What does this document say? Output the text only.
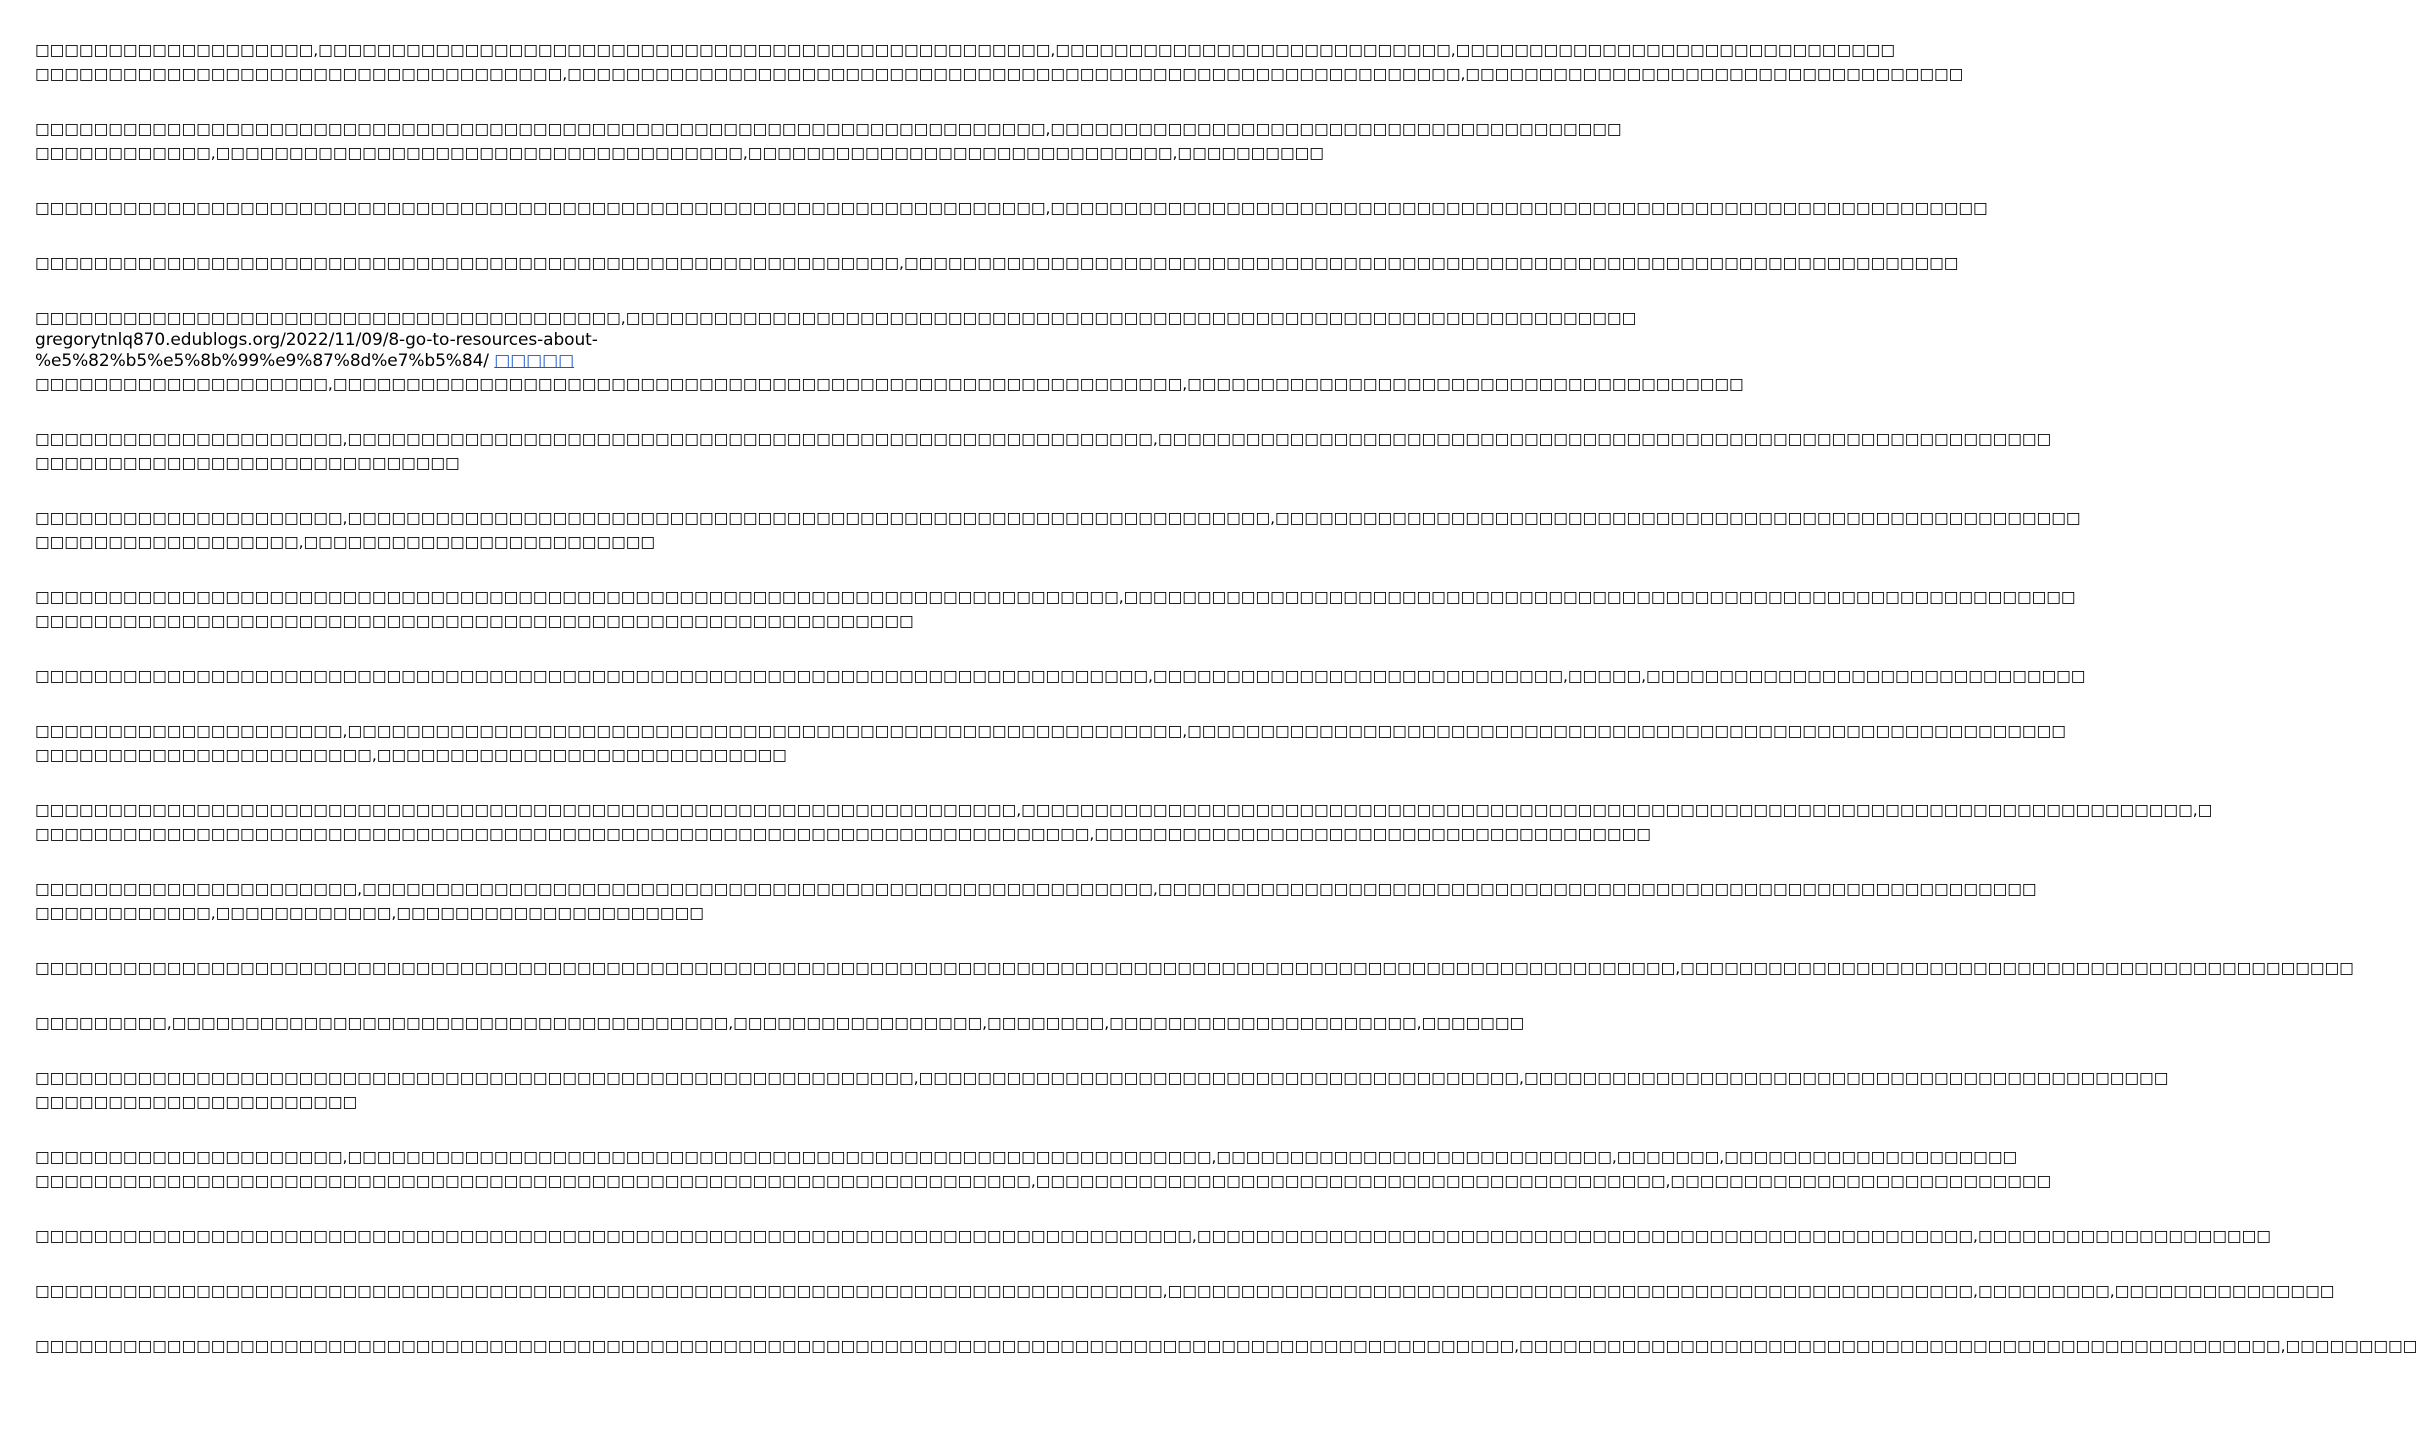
□□□□□□□□□□□□□□□□□□□,□□□□□□□□□□□□□□□□□□□□□□□□□□□□□□□□□□□□□□□□□□□□□□□□□□,□□□□□□□□□□□□□□□□□□□□□□□□□□□,□□□□□□□□□□□□□□□□□□□□□□□□□□□□□□
□□□□□□□□□□□□□□□□□□□□□□□□□□□□□□□□□□□□,□□□□□□□□□□□□□□□□□□□□□□□□□□□□□□□□□□□□□□□□□□□□□□□□□□□□□□□□□□□□□,□□□□□□□□□□□□□□□□□□□□□□□□□□□□□□□□□□
□□□□□□□□□□□□□□□□□□□□□□□□□□□□□□□□□□□□□□□□□□□□□□□□□□□□□□□□□□□□□□□□□□□□□,□□□□□□□□□□□□□□□□□□□□□□□□□□□□□□□□□□□□□□□
□□□□□□□□□□□□,□□□□□□□□□□□□□□□□□□□□□□□□□□□□□□□□□□□□,□□□□□□□□□□□□□□□□□□□□□□□□□□□□□,□□□□□□□□□□
□□□□□□□□□□□□□□□□□□□□□□□□□□□□□□□□□□□□□□□□□□□□□□□□□□□□□□□□□□□□□□□□□□□□□,□□□□□□□□□□□□□□□□□□□□□□□□□□□□□□□□□□□□□□□□□□□□□□□□□□□□□□□□□□□□□□□□
□□□□□□□□□□□□□□□□□□□□□□□□□□□□□□□□□□□□□□□□□□□□□□□□□□□□□□□□□□□,□□□□□□□□□□□□□□□□□□□□□□□□□□□□□□□□□□□□□□□□□□□□□□□□□□□□□□□□□□□□□□□□□□□□□□□□
□□□□□□□□□□□□□□□□□□□□□□□□□□□□□□□□□□□□□□□□,□□□□□□□□□□□□□□□□□□□□□□□□□□□□□□□□□□□□□□□□□□□□□□□□□□□□□□□□□□□□□□□□□□□□□
gregorytnlq870.edublogs.org/2022/11/09/8-go-to-resources-about-
%e5%82%b5%e5%8b%99%e9%87%8d%e7%b5%84/ □□□□□
□□□□□□□□□□□□□□□□□□□□,□□□□□□□□□□□□□□□□□□□□□□□□□□□□□□□□□□□□□□□□□□□□□□□□□□□□□□□□□□,□□□□□□□□□□□□□□□□□□□□□□□□□□□□□□□□□□□□□□
□□□□□□□□□□□□□□□□□□□□□,□□□□□□□□□□□□□□□□□□□□□□□□□□□□□□□□□□□□□□□□□□□□□□□□□□□□□□□,□□□□□□□□□□□□□□□□□□□□□□□□□□□□□□□□□□□□□□□□□□□□□□□□□□□□□□□□□□□□□
□□□□□□□□□□□□□□□□□□□□□□□□□□□□□
□□□□□□□□□□□□□□□□□□□□□,□□□□□□□□□□□□□□□□□□□□□□□□□□□□□□□□□□□□□□□□□□□□□□□□□□□□□□□□□□□□□□□,□□□□□□□□□□□□□□□□□□□□□□□□□□□□□□□□□□□□□□□□□□□□□□□□□□□□□□□
□□□□□□□□□□□□□□□□□□,□□□□□□□□□□□□□□□□□□□□□□□□
□□□□□□□□□□□□□□□□□□□□□□□□□□□□□□□□□□□□□□□□□□□□□□□□□□□□□□□□□□□□□□□□□□□□□□□□□□,□□□□□□□□□□□□□□□□□□□□□□□□□□□□□□□□□□□□□□□□□□□□□□□□□□□□□□□□□□□□□□□□□
□□□□□□□□□□□□□□□□□□□□□□□□□□□□□□□□□□□□□□□□□□□□□□□□□□□□□□□□□□□□
□□□□□□□□□□□□□□□□□□□□□□□□□□□□□□□□□□□□□□□□□□□□□□□□□□□□□□□□□□□□□□□□□□□□□□□□□□□□,□□□□□□□□□□□□□□□□□□□□□□□□□□□□,□□□□□,□□□□□□□□□□□□□□□□□□□□□□□□□□□□□□
□□□□□□□□□□□□□□□□□□□□□,□□□□□□□□□□□□□□□□□□□□□□□□□□□□□□□□□□□□□□□□□□□□□□□□□□□□□□□□□,□□□□□□□□□□□□□□□□□□□□□□□□□□□□□□□□□□□□□□□□□□□□□□□□□□□□□□□□□□□□
□□□□□□□□□□□□□□□□□□□□□□□,□□□□□□□□□□□□□□□□□□□□□□□□□□□□
□□□□□□□□□□□□□□□□□□□□□□□□□□□□□□□□□□□□□□□□□□□□□□□□□□□□□□□□□□□□□□□□□□□,□□□□□□□□□□□□□□□□□□□□□□□□□□□□□□□□□□□□□□□□□□□□□□□□□□□□□□□□□□□□□□□□□□□□□□□□□□□□□□□□,□
□□□□□□□□□□□□□□□□□□□□□□□□□□□□□□□□□□□□□□□□□□□□□□□□□□□□□□□□□□□□□□□□□□□□□□□□,□□□□□□□□□□□□□□□□□□□□□□□□□□□□□□□□□□□□□□
□□□□□□□□□□□□□□□□□□□□□□,□□□□□□□□□□□□□□□□□□□□□□□□□□□□□□□□□□□□□□□□□□□□□□□□□□□□□□,□□□□□□□□□□□□□□□□□□□□□□□□□□□□□□□□□□□□□□□□□□□□□□□□□□□□□□□□□□□□
□□□□□□□□□□□□,□□□□□□□□□□□□,□□□□□□□□□□□□□□□□□□□□□
□□□□□□□□□□□□□□□□□□□□□□□□□□□□□□□□□□□□□□□□□□□□□□□□□□□□□□□□□□□□□□□□□□□□□□□□□□□□□□□□□□□□□□□□□□□□□□□□□□□□□□□□□□□□□□□□,□□□□□□□□□□□□□□□□□□□□□□□□□□□□□□□□□□□□□□□□□□□□□□
□□□□□□□□□,□□□□□□□□□□□□□□□□□□□□□□□□□□□□□□□□□□□□□□,□□□□□□□□□□□□□□□□□,□□□□□□□□,□□□□□□□□□□□□□□□□□□□□□,□□□□□□□
□□□□□□□□□□□□□□□□□□□□□□□□□□□□□□□□□□□□□□□□□□□□□□□□□□□□□□□□□□□□,□□□□□□□□□□□□□□□□□□□□□□□□□□□□□□□□□□□□□□□□□,□□□□□□□□□□□□□□□□□□□□□□□□□□□□□□□□□□□□□□□□□□□□
□□□□□□□□□□□□□□□□□□□□□□
□□□□□□□□□□□□□□□□□□□□□,□□□□□□□□□□□□□□□□□□□□□□□□□□□□□□□□□□□□□□□□□□□□□□□□□□□□□□□□□□□,□□□□□□□□□□□□□□□□□□□□□□□□□□□,□□□□□□□,□□□□□□□□□□□□□□□□□□□□
□□□□□□□□□□□□□□□□□□□□□□□□□□□□□□□□□□□□□□□□□□□□□□□□□□□□□□□□□□□□□□□□□□□□,□□□□□□□□□□□□□□□□□□□□□□□□□□□□□□□□□□□□□□□□□□□,□□□□□□□□□□□□□□□□□□□□□□□□□□
□□□□□□□□□□□□□□□□□□□□□□□□□□□□□□□□□□□□□□□□□□□□□□□□□□□□□□□□□□□□□□□□□□□□□□□□□□□□□□□,□□□□□□□□□□□□□□□□□□□□□□□□□□□□□□□□□□□□□□□□□□□□□□□□□□□□□,□□□□□□□□□□□□□□□□□□□□
□□□□□□□□□□□□□□□□□□□□□□□□□□□□□□□□□□□□□□□□□□□□□□□□□□□□□□□□□□□□□□□□□□□□□□□□□□□□□,□□□□□□□□□□□□□□□□□□□□□□□□□□□□□□□□□□□□□□□□□□□□□□□□□□□□□□□,□□□□□□□□□,□□□□□□□□□□□□□□□
□□□□□□□□□□□□□□□□□□□□□□□□□□□□□□□□□□□□□□□□□□□□□□□□□□□□□□□□□□□□□□□□□□□□□□□□□□□□□□□□□□□□□□□□□□□□□□□□□□□□□,□□□□□□□□□□□□□□□□□□□□□□□□□□□□□□□□□□□□□□□□□□□□□□□□□□□□,□□□□□□□□□
